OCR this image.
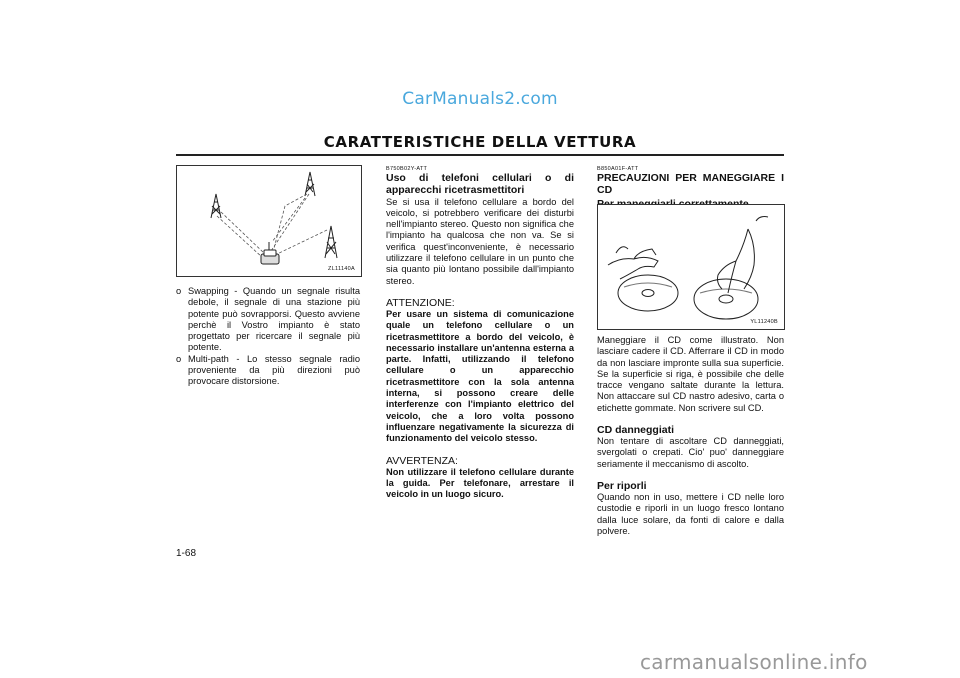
CarManuals2.com
CARATTERISTICHE DELLA VETTURA
ZL11140A
o Swapping - Quando un segnale risulta debole, il segnale di una stazione più potente può sovrapporsi. Questo avviene perchè il Vostro impianto è stato progettato per ricercare il segnale più potente.

o Multi-path - Lo stesso segnale radio proveniente da più direzioni può provocare distorsione.

B750B02Y-ATT
Uso di telefoni cellulari o di apparecchi ricetrasmettitori

Se si usa il telefono cellulare a bordo del veicolo, si potrebbero verificare dei disturbi nell'impianto stereo. Questo non significa che l'impianto ha qualcosa che non va. Se si verifica quest'inconveniente, è necessario utilizzare il telefono cellulare in un punto che sia quanto più lontano possibile dall'impianto stereo.

ATTENZIONE:

Per usare un sistema di comunicazione quale un telefono cellulare o un ricetrasmettitore a bordo del veicolo, è necessario installare un'antenna esterna a parte. Infatti, utilizzando il telefono cellulare o un apparecchio ricetrasmettitore con la sola antenna interna, si possono creare delle interferenze con l'impianto elettrico del veicolo, che a loro volta possono influenzare negativamente la sicurezza di funzionamento del veicolo stesso.

AVVERTENZA:

Non utilizzare il telefono cellulare durante la guida. Per telefonare, arrestare il veicolo in un luogo sicuro.

B850A01F-ATT
PRECAUZIONI PER MANEGGIARE I CD
YL11240B

Maneggiare il CD come illustrato. Non lasciare cadere il CD. Afferrare il CD in modo da non lasciare impronte sulla sua superficie. Se la superficie si riga, è possibile che delle tracce vengano saltate durante la lettura. Non attaccare sul CD nastro adesivo, carta o etichette gommate. Non scrivere sul CD.

CD danneggiati

Non tentare di ascoltare CD danneggiati, svergolati o crepati. Cio' puo' danneggiare seriamente il meccanismo di ascolto.

Per riporli

Quando non in uso, mettere i CD nelle loro custodie e riporli in un luogo fresco lontano dalla luce solare, da fonti di calore e dalla polvere.

1-68
carmanualsonline.info
